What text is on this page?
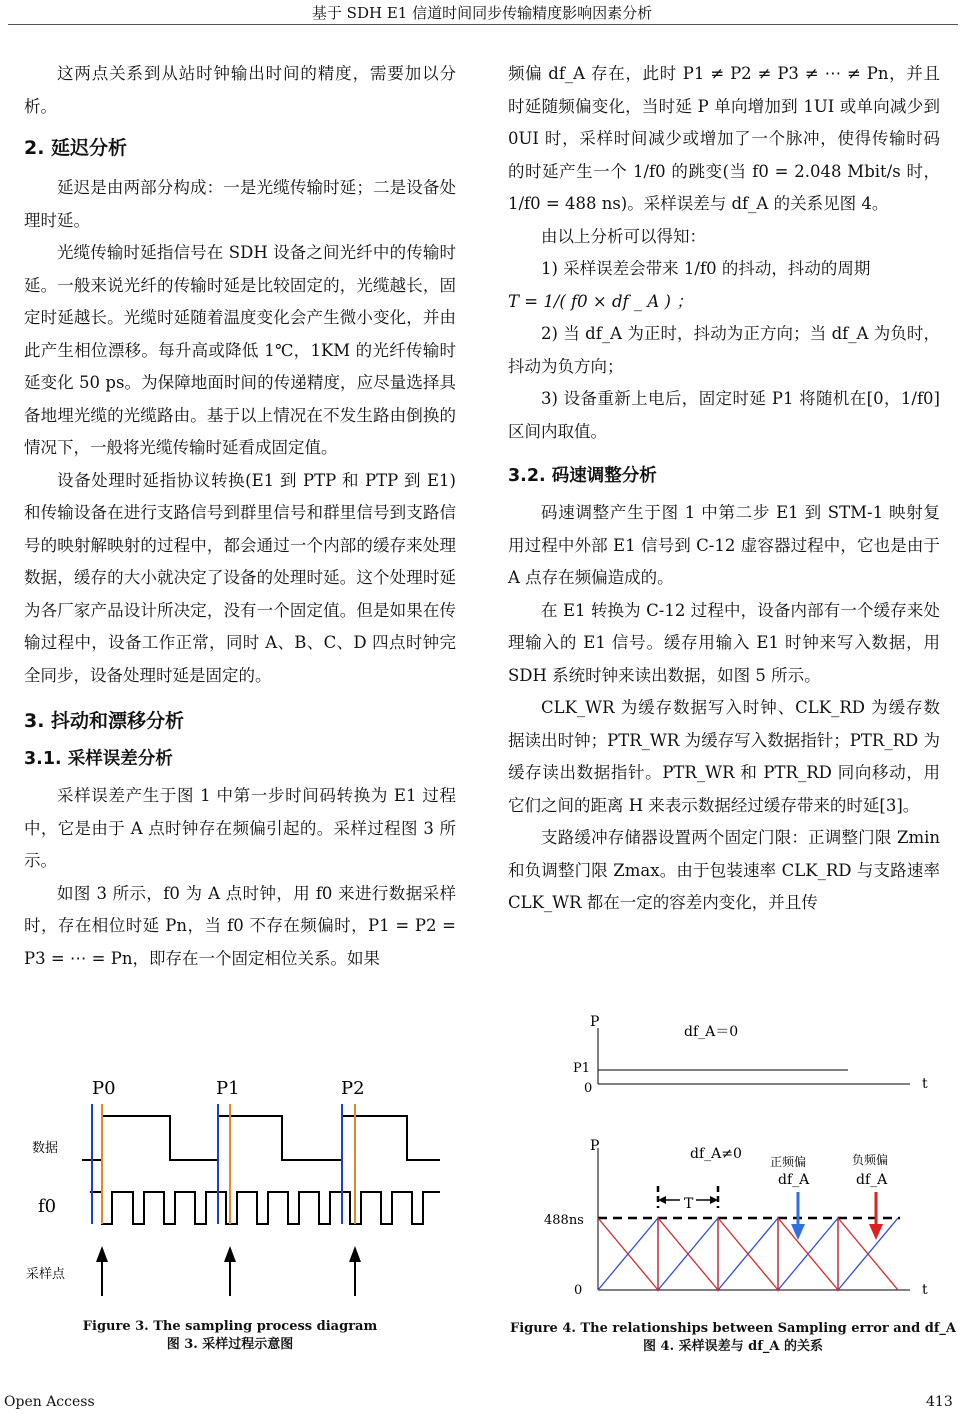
基于 SDH E1 信道时间同步传输精度影响因素分析

这两点关系到从站时钟输出时间的精度，需要加以分析。

2. 延迟分析

延迟是由两部分构成：一是光缆传输时延；二是设备处理时延。

光缆传输时延指信号在 SDH 设备之间光纤中的传输时延。一般来说光纤的传输时延是比较固定的，光缆越长，固定时延越长。光缆时延随着温度变化会产生微小变化，并由此产生相位漂移。每升高或降低 1℃，1KM 的光纤传输时延变化 50 ps。为保障地面时间的传递精度，应尽量选择具备地埋光缆的光缆路由。基于以上情况在不发生路由倒换的情况下，一般将光缆传输时延看成固定值。

设备处理时延指协议转换(E1 到 PTP 和 PTP 到 E1)和传输设备在进行支路信号到群里信号和群里信号到支路信号的映射解映射的过程中，都会通过一个内部的缓存来处理数据，缓存的大小就决定了设备的处理时延。这个处理时延为各厂家产品设计所决定，没有一个固定值。但是如果在传输过程中，设备工作正常，同时 A、B、C、D 四点时钟完全同步，设备处理时延是固定的。

3. 抖动和漂移分析
3.1. 采样误差分析

采样误差产生于图 1 中第一步时间码转换为 E1 过程中，它是由于 A 点时钟存在频偏引起的。采样过程图 3 所示。

如图 3 所示，f0 为 A 点时钟，用 f0 来进行数据采样时，存在相位时延 Pn，当 f0 不存在频偏时，P1 = P2 = P3 = ⋯ = Pn，即存在一个固定相位关系。如果

频偏 df_A 存在，此时 P1 ≠ P2 ≠ P3 ≠ ⋯ ≠ Pn，并且时延随频偏变化，当时延 P 单向增加到 1UI 或单向减少到 0UI 时，采样时间减少或增加了一个脉冲，使得传输时码的时延产生一个 1/f0 的跳变(当 f0 = 2.048 Mbit/s 时，1/f0 = 488 ns)。采样误差与 df_A 的关系见图 4。

由以上分析可以得知：

1) 采样误差会带来 1/f0 的抖动，抖动的周期

T = 1/( f0 × df _ A ) ；

2) 当 df_A 为正时，抖动为正方向；当 df_A 为负时，抖动为负方向；

3) 设备重新上电后，固定时延 P1 将随机在[0，1/f0]区间内取值。

3.2. 码速调整分析

码速调整产生于图 1 中第二步 E1 到 STM-1 映射复用过程中外部 E1 信号到 C-12 虚容器过程中，它也是由于 A 点存在频偏造成的。

在 E1 转换为 C-12 过程中，设备内部有一个缓存来处理输入的 E1 信号。缓存用输入 E1 时钟来写入数据，用 SDH 系统时钟来读出数据，如图 5 所示。

CLK_WR 为缓存数据写入时钟、CLK_RD 为缓存数据读出时钟；PTR_WR 为缓存写入数据指针；PTR_RD 为缓存读出数据指针。PTR_WR 和 PTR_RD 同向移动，用它们之间的距离 H 来表示数据经过缓存带来的时延[3]。

支路缓冲存储器设置两个固定门限：正调整门限 Zmin 和负调整门限 Zmax。由于包装速率 CLK_RD 与支路速率 CLK_WR 都在一定的容差内变化，并且传

P0	P1	P2
数据
f0
采样点
Figure 3. The sampling process diagram
图 3. 采样过程示意图
P
df_A＝0
P1
0	t
P	df_A≠0 正频偏
df_A
负频偏
df_A
488ns
0	t
T
Figure 4. The relationships between Sampling error and df_A
图 4. 采样误差与 df_A 的关系
Open Access	413
